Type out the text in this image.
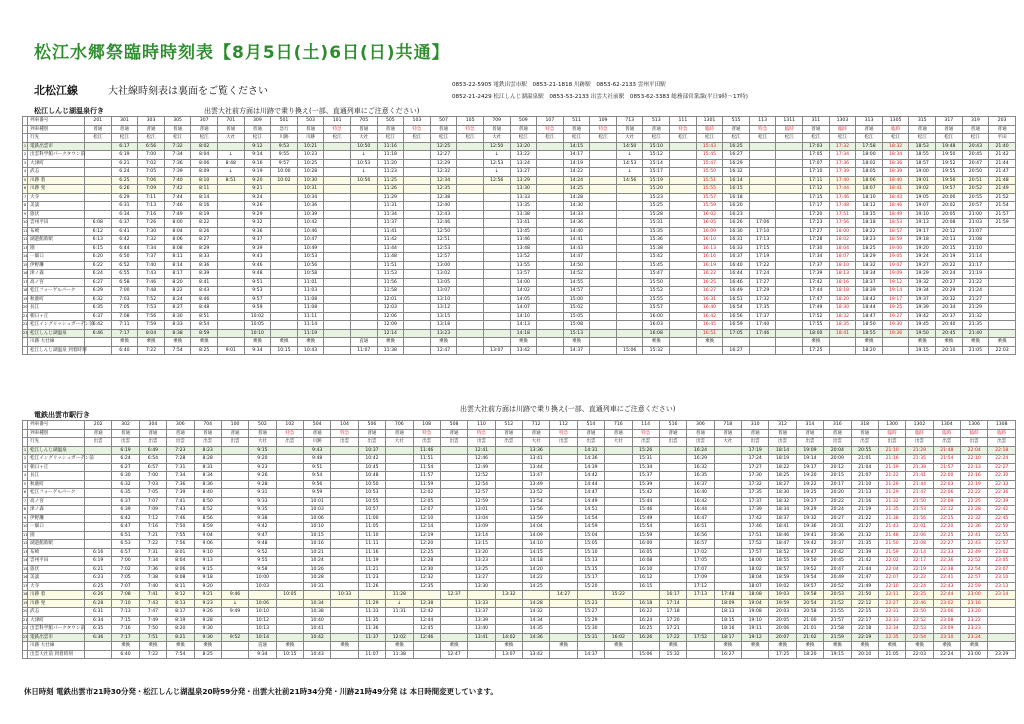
松江水郷祭臨時時刻表【8月5日(土)6日(日)共通】
北松江線	大社線時刻表は裏面をご覧ください
0853-22-5905 電鉄出雲市駅　0853-21-1818 川跡駅　0853-62-2133 雲州平田駅
0852-21-2429 松江しんじ湖温泉駅　0853-53-2133 出雲大社前駅　0853-62-3383 総務部営業課(平日9時〜17時)
松江しんじ湖温泉行き	出雲大社前方面は川跡で乗り換え(一部、直通列車にご注意ください)
	列車番号	201	301	303	305	307	701	309	501	503	101	705	505	103	507	105	709	509	107	511	109	713	513	111	1301	515	113	1311	311	1303	313	1305	315	317	319	203
	列車種別	普通	普通	普通	普通	普通	普通	普通	急行	普通	特急	普通	普通	特急	普通	特急	普通	普通	特急	普通	特急	普通	普通	特急	臨時	普通	特急	臨時	普通	臨時	普通	臨時	普通	普通	普通	普通
	行先	松江	松江	松江	松江	松江	大社	松江	川跡	川跡	松江	大社	松江	松江	松江	松江	大社	松江	松江	松江	松江	大社	松江	松江	松江	松江	松江	松江	松江	松江	松江	松江	松江	松江	松江	平田
1	電鉄出雲市		6:17	6:56	7:32	8:02		9:12	9:53	10:21		10:50	11:16		12:25		12:50	13:20		14:15		14:50	15:10		15:43	16:25			17:03	17:32	17:58	18:32	18:53	19:48	20:43	21:40
2	出雲科学館パークタウン前		6:19	7:00	7:34	8:04	↓	9:14	9:55	10:23		↓	11:18		12:27		↓	13:22		14:17		↓	15:12		15:45	16:27			17:05	17:34	18:00	18:34	18:55	19:50	20:45	21:42
3	大津町		6:21	7:02	7:36	8:06	8:48	9:16	9:57	10:25		10:53	11:20		12:29		12:53	13:24		14:19		14:53	15:14		15:47	16:29			17:07	17:36	18:02	18:36	18:57	19:52	20:47	21:44
4	武志		6:24	7:05	7:39	8:09	↓	9:19	10:00	10:28		↓	11:23		12:32		↓	13:27		14:22		↓	15:17		15:50	16:32			17:10	17:39	18:05	18:39	19:00	19:55	20:50	21:47
5	川跡 着		6:25	7:06	7:40	8:10	8:51	9:20	10:02	10:30		10:56	11:25		12:34		12:56	13:29		14:24		14:56	15:19		15:51	16:14			17:11	17:40	18:06	18:40	19:01	19:56	20:51	21:48
6	川跡 発		6:26	7:09	7:42	8:11		9:21		10:31			11:26		12:35			13:30		14:25			15:20		15:55	16:15			17:12	17:44	18:07	18:41	19:02	19:57	20:52	21:49
7	大寺		6:29	7:11	7:44	8:14		9:24		10:34			11:29		12:38			13:33		14:28			15:23		15:57	16:18			17:15	17:46	18:10	18:43	19:05	20:00	20:55	21:52
8	美談		6:31	7:13	7:46	8:16		9:26		10:36			11:31		12:40			13:35		14:30			15:25		15:59	16:20			17:17	17:48	18:12	18:46	19:07	20:02	20:57	21:54
9	旅伏		6:34	7:16	7:49	8:19		9:29		10:39			11:34		12:43			13:38		14:33			15:28		16:02	16:23			17:20	17:51	18:15	18:49	19:10	20:05	21:00	21:57
10	雲州平田	6:08	6:37	7:26	8:00	8:22		9:32		10:42			11:37		12:46			13:41		14:36			15:31		16:05	16:26	17:06		17:23	17:56	18:18	18:53	19:13	20:08	21:03	21:59
11	布崎	6:12	6:41	7:30	8:04	8:26		9:36		10:46			11:41		12:50			13:45		14:40			15:35		16:09	16:30	17:10		17:27	18:00	18:22	18:57	19:17	20:12	21:07	
12	湖遊館新駅	6:13	6:42	7:32	8:06	8:27		9:37		10:47			11:42		12:51			13:46		14:41			15:36		16:10	16:31	17:13		17:28	18:02	18:23	18:59	19:18	20:13	21:08	
13	園	6:15	6:44	7:34	8:08	8:29		9:39		10:49			11:44		12:53			13:48		14:43			15:38		16:13	16:33	17:15		17:30	18:04	18:25	19:00	19:20	20:15	21:10	
14	一畑口	6:20	6:50	7:37	8:11	8:33		9:43		10:53			11:48		12:57			13:52		14:47			15:42		16:16	16:37	17:19		17:34	18:07	18:29	19:05	19:24	20:19	21:14	
15	伊野灘	6:22	6:52	7:40	8:14	8:36		9:46		10:56			11:51		13:00			13:55		14:50			15:45		16:19	16:40	17:22		17:37	18:10	18:32	19:07	19:27	20:22	21:17	
16	津ノ森	6:24	6:55	7:43	8:17	8:39		9:48		10:58			11:53		13:02			13:57		14:52			15:47		16:22	16:44	17:24		17:39	18:13	18:34	19:09	19:29	20:24	21:19	
17	高ノ宮	6:27	6:58	7:46	8:20	8:41		9:51		11:01			11:56		13:05			14:00		14:55			15:50		16:25	16:46	17:27		17:42	18:16	18:37	19:12	19:32	20:27	21:22	
18	松江フォーゲルパーク	6:29	7:00	7:48	8:22	8:43		9:53		11:03			11:58		13:07			14:02		14:57			15:52		16:27	16:49	17:29		17:44	18:18	18:39	19:14	19:34	20:29	21:24	
19	秋鹿町	6:32	7:03	7:52	8:24	8:46		9:57		11:08			12:01		13:10			14:05		15:00			15:55		16:31	16:51	17:32		17:47	18:20	18:42	19:17	19:37	20:32	21:27	
20	長江	6:35	7:05	7:53	8:27	8:48		9:59		11:08			12:03		13:12			14:07		15:02			15:57		16:40	16:54	17:35		17:49	18:30	18:44	19:25	19:39	20:34	21:29	
21	朝日ヶ丘	6:37	7:08	7:56	8:30	8:51		10:02		11:11			12:06		13:15			14:10		15:05			16:00		16:42	16:56	17:37		17:52	18:32	18:47	19:27	19:42	20:37	21:32	
22	松江イングリッシュガーデン前	6:42	7:11	7:59	8:33	8:54		10:05		11:14			12:09		13:18			14:13		15:08			16:03		16:45	16:59	17:40		17:55	18:35	18:50	19:30	19:45	20:40	21:35	
23	松江しんじ湖温泉	6:46	7:17	8:04	8:38	8:59		10:10		11:19			12:14		13:23			14:18		15:13			16:08		16:51	17:05	17:46		18:00	18:41	18:55	19:36	19:50	20:45	21:40	
	川跡 大社線		乗換	乗換	乗換	乗換		乗換	乗換	乗換		直通	乗換		乗換			乗換		乗換			乗換		乗換				乗換		乗換		乗換	乗換	乗換	乗換
	松江しんじ湖温泉 到着時刻		6:40	7:22	7:54	8:25	9:01	9:34	10:15	10:43		11:07	11:38		12:47		13:07	13:42		14:37		15:06	15:32			16:27			17:25		18:20		19:15	20:10	21:05	22:03
電鉄出雲市駅行き
出雲大社前方面は川跡で乗り換え(一部、直通列車にご注意ください)
	列車番号	202	302	304	306	704	100	502	102	504	104	506	706	108	508	110	512	712	112	514	716	114	516	306	718	310	312	314	316	318	1300	1302	1304	1306	1308
	列車種別	普通	普通	普通	普通	普通	普通	普通	特急	普通	特急	普通	普通	特急	普通	特急	普通	普通	特急	普通	普通	特急	普通	普通	普通	普通	普通	普通	普通	普通	臨時	臨時	臨時	臨時	臨時
	行先	出雲	出雲	出雲	出雲	出雲	出雲	大社	出雲	川跡	出雲	出雲	大社	出雲	出雲	出雲	出雲	大社	出雲	出雲	大社	出雲	出雲	出雲	大社	出雲	出雲	出雲	出雲	出雲	出雲	出雲	出雲	出雲	出雲
1	松江しんじ湖温泉		6:19	6:49	7:23	8:23		9:15		9:43		10:37		11:46		12:41		13:36		14:31		15:26		16:24		17:19	18:14	19:09	20:04	20:55	21:10	21:29	21:48	22:04	22:18
2	松江イングリッシュガーデン前		6:24	6:54	7:28	8:28		9:20		9:48		10:42		11:51		12:46		13:41		14:36		15:31		16:29		17:24	18:19	19:14	20:09	21:01	21:16	21:35	21:54	22:10	22:24
3	朝日ヶ丘		6:27	6:57	7:31	8:31		9:23		9:51		10:45		11:54		12:49		13:44		14:39		15:34		16:32		17:27	18:22	19:17	20:12	21:04	21:19	21:38	21:57	22:13	22:27
4	長江		6:30	7:00	7:34	8:34		9:26		9:54		10:48		11:57		12:52		13:47		14:42		15:37		16:35		17:30	18:25	19:20	20:15	21:07	21:22	21:41	22:00	22:16	22:30
5	秋鹿町		6:32	7:03	7:36	8:36		9:28		9:56		10:50		11:59		12:54		13:49		14:44		15:39		16:37		17:32	18:27	19:22	20:17	21:10	21:26	21:44	22:03	22:19	22:33
6	松江フォーゲルパーク		6:35	7:05	7:39	8:40		9:31		9:59		10:53		12:02		12:57		13:52		14:47		15:42		16:40		17:35	18:30	19:25	20:20	21:13	21:29	21:47	22:06	22:22	22:36
7	高ノ宮		6:37	7:07	7:41	8:50		9:33		10:01		10:55		12:05		12:59		13:54		14:49		15:44		16:42		17:37	18:32	19:27	20:22	21:16	21:32	21:50	22:09	22:25	22:39
8	津ノ森		6:39	7:09	7:43	8:52		9:35		10:03		10:57		12:07		13:01		13:56		14:51		15:46		16:44		17:39	18:34	19:29	20:24	21:19	21:35	21:53	22:12	22:28	22:42
9	伊野灘		6:42	7:12	7:46	8:56		9:38		10:06		11:00		12:10		13:04		13:59		14:54		15:49		16:47		17:42	18:37	19:32	20:27	21:22	21:38	21:56	22:15	22:32	22:45
10	一畑口		6:47	7:16	7:50	8:59		9:42		10:10		11:05		12:14		13:09		14:04		14:59		15:54		16:51		17:46	18:41	19:36	20:31	21:27	21:43	22:01	22:20	22:36	22:50
11	園		6:51	7:21	7:55	9:04		9:47		10:15		11:10		12:19		13:14		14:09		15:04		15:59		16:56		17:51	18:46	19:41	20:36	21:32	21:48	22:06	22:25	22:41	22:55
12	湖遊館新駅		6:53	7:22	7:56	9:06		9:48		10:16		11:11		12:20		13:15		14:10		15:05		16:00		16:57		17:52	18:47	19:42	20:37	21:35	21:50	22:08	22:27	22:43	22:57
13	布崎	6:16	6:57	7:31	8:01	9:10		9:52		10:21		11:16		12:25		13:20		14:15		15:10		16:05		17:02		17:57	18:52	19:47	20:42	21:39	21:59	22:14	22:33	22:49	23:02
14	雲州平田	6:19	7:00	7:34	8:04	9:13		9:55		10:24		11:19		12:28		13:23		14:18		15:13		16:08		17:05		18:00	18:55	19:50	20:45	21:42	22:02	22:17	22:36	22:52	23:05
15	旅伏	6:21	7:02	7:36	8:06	9:15		9:58		10:26		11:21		12:30		13:25		14:20		15:15		16:10		17:07		18:02	18:57	19:52	20:47	21:44	22:04	22:19	22:38	22:54	23:07
16	美談	6:23	7:05	7:38	8:08	9:18		10:00		10:28		11:23		12:32		13:27		14:22		15:17		16:12		17:09		18:04	18:59	19:54	20:49	21:47	22:07	22:22	22:41	22:57	23:10
17	大寺	6:25	7:07	7:40	8:11	9:20		10:03		10:31		11:26		12:35		13:30		14:25		15:20		16:15		17:12		18:07	19:02	19:57	20:52	21:49	22:10	22:24	22:43	22:59	23:13
18	川跡 着	6:26	7:08	7:41	8:12	9:21	9:46		10:05		10:33		11:28		12:37		13:32		14:27		15:22		16:17	17:13	17:48	18:08	19:03	19:58	20:53	21:50	22:11	22:25	22:44	23:00	23:14
19	川跡 発	6:28	7:10	7:43	8:13	9:23	↓	10:06		10:34		11:29	↓	12:38		13:33		14:28		15:23		16:18	17:14		18:09	19:04	19:59	20:54	21:52	22:12	22:27	22:46	23:02	23:16	
20	武志	6:31	7:13	7:47	8:17	9:26	9:49	10:10		10:38		11:33	11:31	12:42		13:37		14:32		15:27		16:22	17:18		18:13	19:08	20:03	20:58	21:55	22:15	22:31	22:50	23:06	23:20	
21	大津町	6:34	7:15	7:49	8:19	9:28		10:12		10:40		11:35		12:44		13:39		14:34		15:29		16:24	17:20		18:15	19:10	20:05	21:00	21:57	22:17	22:33	22:52	23:08	23:22	
22	出雲科学館パークタウン前	6:35	7:16	7:50	8:20	9:30		10:13		10:41		11:36		12:45		13:40		14:35		15:30		16:25	17:21		18:16	19:11	20:06	21:01	21:58	22:18	22:34	22:53	23:09	23:23	
23	電鉄出雲市	6:36	7:17	7:51	8:21	9:30	9:52	10:14		10:42		11:37	12:02	12:46		13:41	14:02	14:36		15:31	16:02	16:26	17:22	17:52	18:17	19:12	20:07	21:02	21:59	22:19	22:35	22:54	23:10	23:24	
	川跡 大社線		乗換	乗換	乗換	乗換		直通	乗換		乗換		乗換		乗換		乗換		乗換		乗換		乗換		乗換	乗換	乗換	乗換	乗換	乗換	乗換	乗換	乗換	乗換	
	出雲大社前 到着時刻		6:40	7:22	7:54	8:25		9:34	10:15	10:43		11:07	11:38		12:47		13:07	13:42		14:37		15:06	15:32		16:27		17:25	18:20	19:15	20:10	21:05	22:03	22:24	23:00	23:29
休日時刻 電鉄出雲市21時30分発・松江しんじ湖温泉20時59分発・出雲大社前21時34分発・川跡21時49分発 は 本日時間変更しています。
